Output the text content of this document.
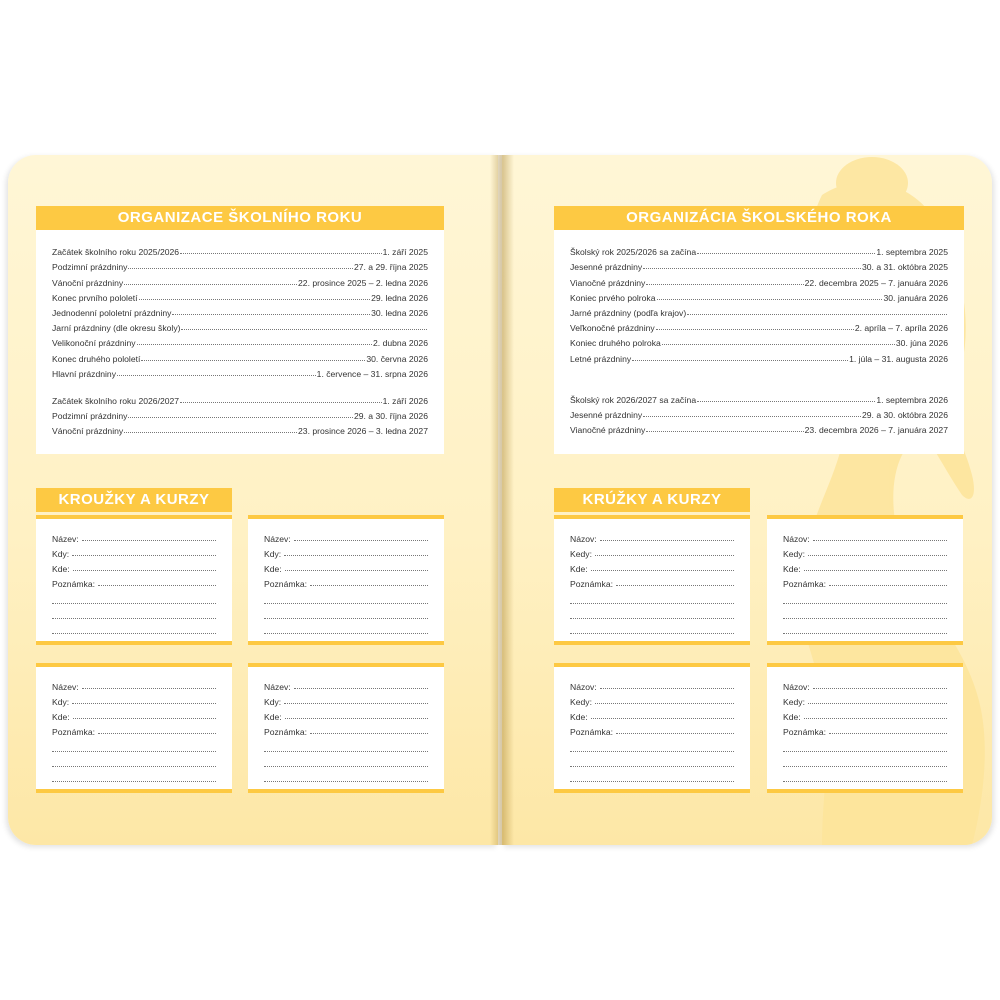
ORGANIZACE ŠKOLNÍHO ROKU
Začátek školního roku 2025/2026	1. září 2025
Podzimní prázdniny	27. a 29. října 2025
Vánoční prázdniny	22. prosince 2025 – 2. ledna 2026
Konec prvního pololetí	29. ledna 2026
Jednodenní pololetní prázdniny	30. ledna 2026
Jarní prázdniny (dle okresu školy)
Velikonoční prázdniny	2. dubna 2026
Konec druhého pololetí	30. června 2026
Hlavní prázdniny	1. července – 31. srpna 2026
Začátek školního roku 2026/2027	1. září 2026
Podzimní prázdniny	29. a 30. října 2026
Vánoční prázdniny	23. prosince 2026 – 3. ledna 2027
KROUŽKY A KURZY
Název:
Kdy:
Kde:
Poznámka:
Název:
Kdy:
Kde:
Poznámka:
Název:
Kdy:
Kde:
Poznámka:
Název:
Kdy:
Kde:
Poznámka:
ORGANIZÁCIA ŠKOLSKÉHO ROKA
Školský rok 2025/2026 sa začína	1. septembra 2025
Jesenné prázdniny	30. a 31. októbra 2025
Vianočné prázdniny	22. decembra 2025 – 7. januára 2026
Koniec prvého polroka	30. januára 2026
Jarné prázdniny (podľa krajov)
Veľkonočné prázdniny	2. apríla – 7. apríla 2026
Koniec druhého polroka	30. júna 2026
Letné prázdniny	1. júla – 31. augusta 2026
Školský rok 2026/2027 sa začína	1. septembra 2026
Jesenné prázdniny	29. a 30. októbra 2026
Vianočné prázdniny	23. decembra 2026 – 7. januára 2027
KRÚŽKY A KURZY
Názov:
Kedy:
Kde:
Poznámka:
Názov:
Kedy:
Kde:
Poznámka:
Názov:
Kedy:
Kde:
Poznámka:
Názov:
Kedy:
Kde:
Poznámka:
